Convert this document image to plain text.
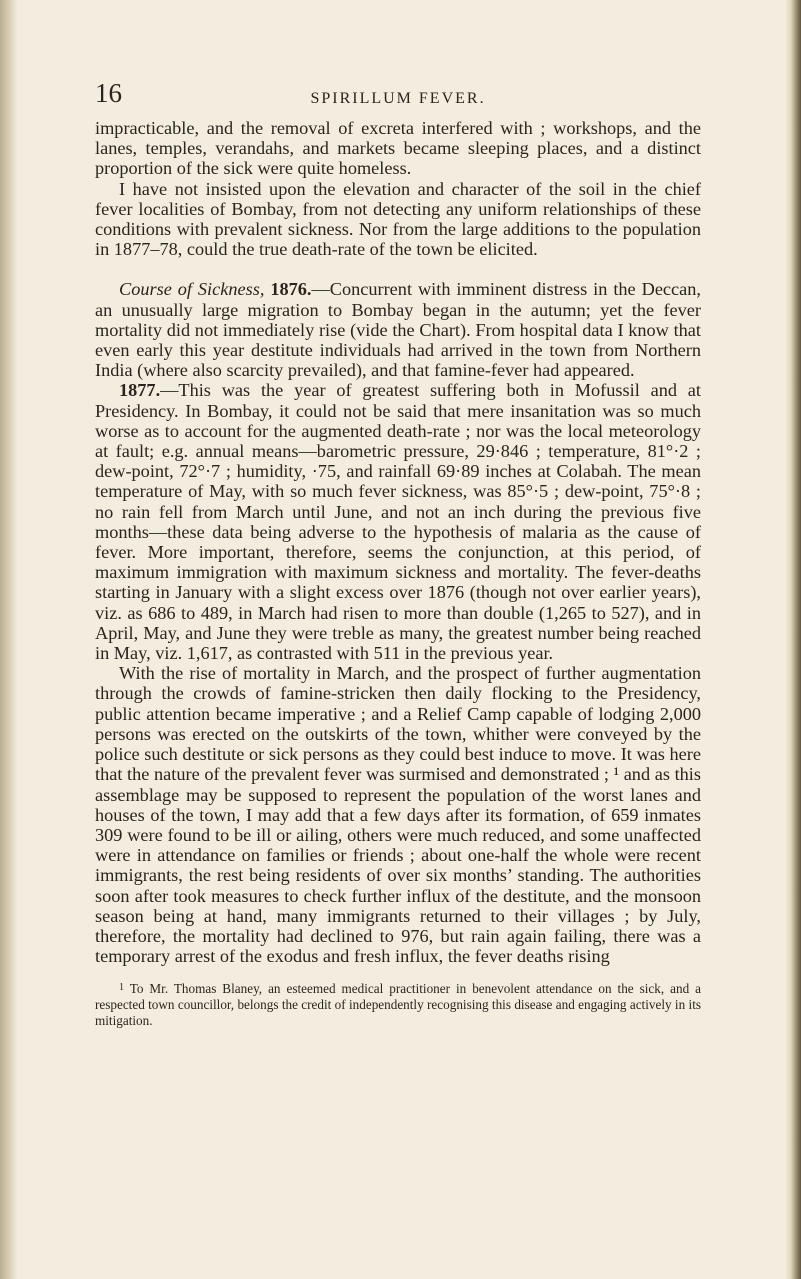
16	SPIRILLUM FEVER.

impracticable, and the removal of excreta interfered with ; workshops, and the lanes, temples, verandahs, and markets became sleeping places, and a distinct proportion of the sick were quite homeless.

I have not insisted upon the elevation and character of the soil in the chief fever localities of Bombay, from not detecting any uniform relationships of these conditions with prevalent sickness. Nor from the large additions to the population in 1877–78, could the true death-rate of the town be elicited.

Course of Sickness, 1876.—Concurrent with imminent distress in the Deccan, an unusually large migration to Bombay began in the autumn; yet the fever mortality did not immediately rise (vide the Chart). From hospital data I know that even early this year destitute individuals had arrived in the town from Northern India (where also scarcity prevailed), and that famine-fever had appeared.

1877.—This was the year of greatest suffering both in Mofussil and at Presidency. In Bombay, it could not be said that mere insanitation was so much worse as to account for the augmented death-rate ; nor was the local meteorology at fault; e.g. annual means—barometric pressure, 29·846 ; temperature, 81°·2 ; dew-point, 72°·7 ; humidity, ·75, and rainfall 69·89 inches at Colabah. The mean temperature of May, with so much fever sickness, was 85°·5 ; dew-point, 75°·8 ; no rain fell from March until June, and not an inch during the previous five months—these data being adverse to the hypothesis of malaria as the cause of fever. More important, therefore, seems the conjunction, at this period, of maximum immigration with maximum sickness and mortality. The fever-deaths starting in January with a slight excess over 1876 (though not over earlier years), viz. as 686 to 489, in March had risen to more than double (1,265 to 527), and in April, May, and June they were treble as many, the greatest number being reached in May, viz. 1,617, as contrasted with 511 in the previous year.

With the rise of mortality in March, and the prospect of further augmentation through the crowds of famine-stricken then daily flocking to the Presidency, public attention became imperative ; and a Relief Camp capable of lodging 2,000 persons was erected on the outskirts of the town, whither were conveyed by the police such destitute or sick persons as they could best induce to move. It was here that the nature of the prevalent fever was surmised and demonstrated ; ¹ and as this assemblage may be supposed to represent the population of the worst lanes and houses of the town, I may add that a few days after its formation, of 659 inmates 309 were found to be ill or ailing, others were much reduced, and some unaffected were in attendance on families or friends ; about one-half the whole were recent immigrants, the rest being residents of over six months’ standing. The authorities soon after took measures to check further influx of the destitute, and the monsoon season being at hand, many immigrants returned to their villages ; by July, therefore, the mortality had declined to 976, but rain again failing, there was a temporary arrest of the exodus and fresh influx, the fever deaths rising

$^1$ To Mr. Thomas Blaney, an esteemed medical practitioner in benevolent attendance on the sick, and a respected town councillor, belongs the credit of independently recognising this disease and engaging actively in its mitigation.
